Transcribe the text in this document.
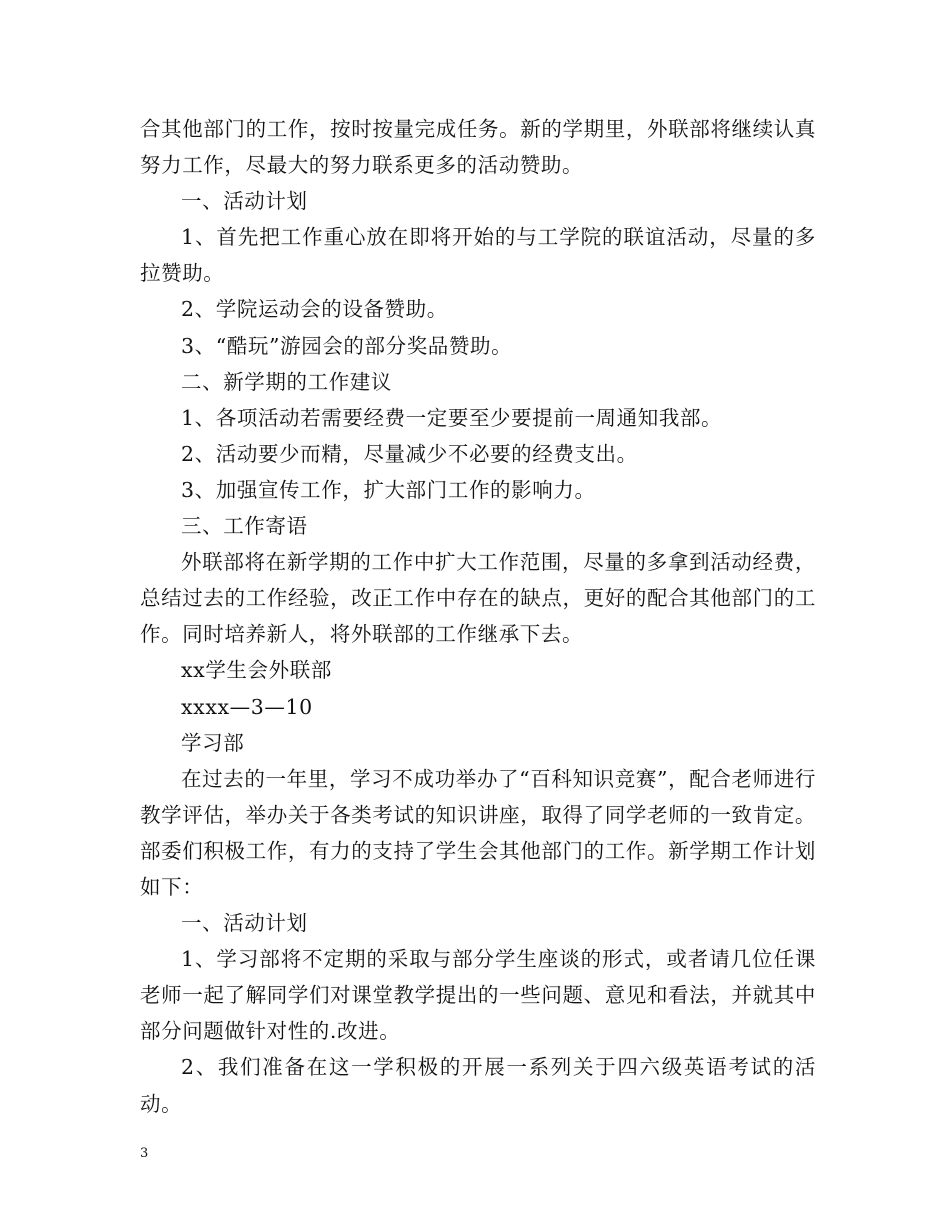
合其他部门的工作，按时按量完成任务。新的学期里，外联部将继续认真努力工作，尽最大的努力联系更多的活动赞助。

一、活动计划

1、首先把工作重心放在即将开始的与工学院的联谊活动，尽量的多拉赞助。

2、学院运动会的设备赞助。

3、“酷玩”游园会的部分奖品赞助。

二、新学期的工作建议

1、各项活动若需要经费一定要至少要提前一周通知我部。

2、活动要少而精，尽量减少不必要的经费支出。

3、加强宣传工作，扩大部门工作的影响力。

三、工作寄语

外联部将在新学期的工作中扩大工作范围，尽量的多拿到活动经费，总结过去的工作经验，改正工作中存在的缺点，更好的配合其他部门的工作。同时培养新人，将外联部的工作继承下去。

xx学生会外联部

xxxx—3—10

学习部

在过去的一年里，学习不成功举办了“百科知识竞赛”，配合老师进行教学评估，举办关于各类考试的知识讲座，取得了同学老师的一致肯定。部委们积极工作，有力的支持了学生会其他部门的工作。新学期工作计划如下：

一、活动计划

1、学习部将不定期的采取与部分学生座谈的形式，或者请几位任课老师一起了解同学们对课堂教学提出的一些问题、意见和看法，并就其中部分问题做针对性的.改进。

2、我们准备在这一学积极的开展一系列关于四六级英语考试的活动。

3
